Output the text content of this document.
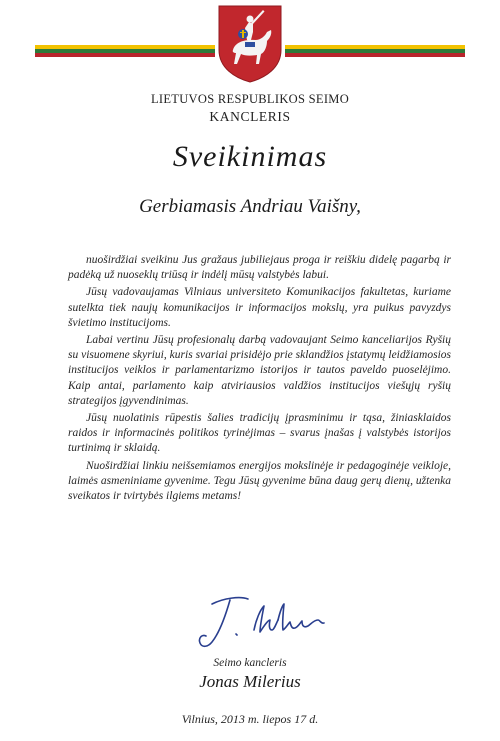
LIETUVOS RESPUBLIKOS SEIMO
KANCLERIS
Sveikinimas
Gerbiamasis Andriau Vaišny,

nuoširdžiai sveikinu Jus gražaus jubiliejaus proga ir reiškiu didelę pagarbą ir padėką už nuoseklų triūsą ir indėlį mūsų valstybės labui.

Jūsų vadovaujamas Vilniaus universiteto Komunikacijos fakultetas, kuriame sutelkta tiek naujų komunikacijos ir informacijos mokslų, yra puikus pavyzdys švietimo institucijoms.

Labai vertinu Jūsų profesionalų darbą vadovaujant Seimo kanceliarijos Ryšių su visuomene skyriui, kuris svariai prisidėjo prie sklandžios įstatymų leidžiamosios institucijos veiklos ir parlamentarizmo istorijos ir tautos paveldo puoselėjimo. Kaip antai, parlamento kaip atviriausios valdžios institucijos viešųjų ryšių strategijos įgyvendinimas.

Jūsų nuolatinis rūpestis šalies tradicijų įprasminimu ir tąsa, žiniasklaidos raidos ir informacinės politikos tyrinėjimas – svarus įnašas į valstybės istorijos turtinimą ir sklaidą.

Nuoširdžiai linkiu neišsemiamos energijos mokslinėje ir pedagoginėje veikloje, laimės asmeniniame gyvenime. Tegu Jūsų gyvenime būna daug gerų dienų, užtenka sveikatos ir tvirtybės ilgiems metams!

Seimo kancleris
Jonas Milerius
Vilnius, 2013 m. liepos 17 d.
